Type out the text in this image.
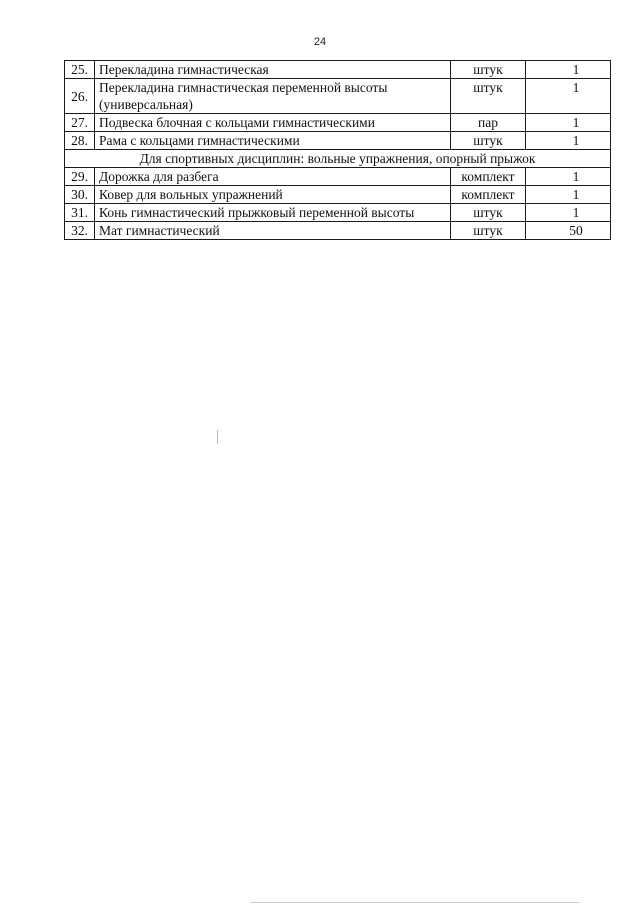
24
25.	Перекладина гимнастическая	штук	1
26.	Перекладина гимнастическая переменной высоты (универсальная)	штук	1
27.	Подвеска блочная с кольцами гимнастическими	пар	1
28.	Рама с кольцами гимнастическими	штук	1
Для спортивных дисциплин: вольные упражнения, опорный прыжок			
29.	Дорожка для разбега	комплект	1
30.	Ковер для вольных упражнений	комплект	1
31.	Конь гимнастический прыжковый переменной высоты	штук	1
32.	Мат гимнастический	штук	50
